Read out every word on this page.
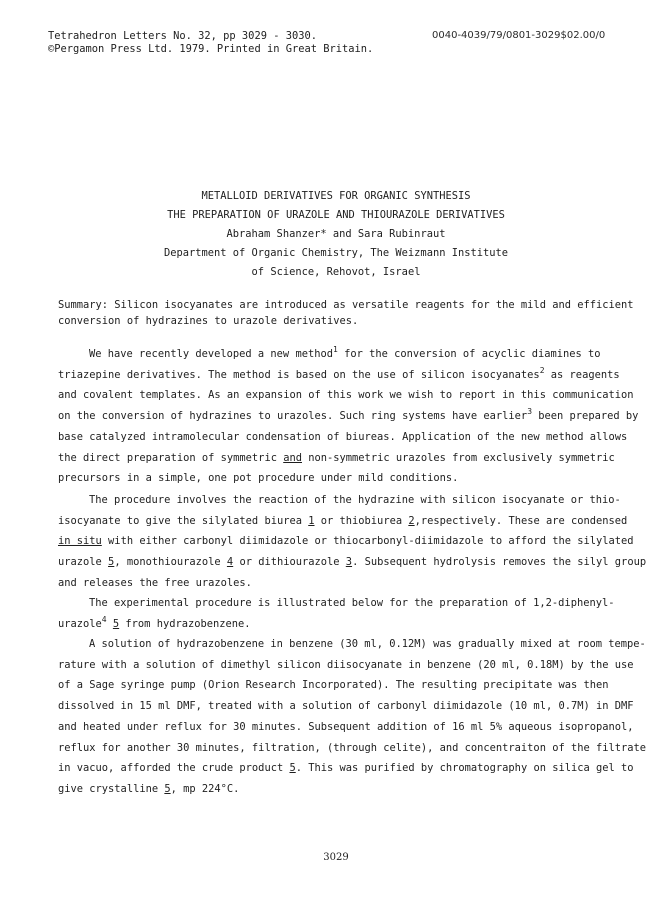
Tetrahedron Letters No. 32, pp 3029 - 3030.
©Pergamon Press Ltd. 1979. Printed in Great Britain.
0040-4039/79/0801-3029$02.00/0
METALLOID DERIVATIVES FOR ORGANIC SYNTHESIS
THE PREPARATION OF URAZOLE AND THIOURAZOLE DERIVATIVES
Abraham Shanzer* and Sara Rubinraut
Department of Organic Chemistry, The Weizmann Institute
of Science, Rehovot, Israel
Summary: Silicon isocyanates are introduced as versatile reagents for the mild and efficient
conversion of hydrazines to urazole derivatives.
We have recently developed a new method$^1$ for the conversion of acyclic diamines to
triazepine derivatives. The method is based on the use of silicon isocyanates$^2$ as reagents
and covalent templates. As an expansion of this work we wish to report in this communication
on the conversion of hydrazines to urazoles. Such ring systems have earlier$^3$ been prepared by
base catalyzed intramolecular condensation of biureas. Application of the new method allows
the direct preparation of symmetric and non-symmetric urazoles from exclusively symmetric
precursors in a simple, one pot procedure under mild conditions.
The procedure involves the reaction of the hydrazine with silicon isocyanate or thio-
isocyanate to give the silylated biurea 1 or thiobiurea 2,respectively. These are condensed
in situ with either carbonyl diimidazole or thiocarbonyl-diimidazole to afford the silylated
urazole 5, monothiourazole 4 or dithiourazole 3. Subsequent hydrolysis removes the silyl group
and releases the free urazoles.
The experimental procedure is illustrated below for the preparation of 1,2-diphenyl-
urazole$^4$ 5 from hydrazobenzene.
A solution of hydrazobenzene in benzene (30 ml, 0.12M) was gradually mixed at room tempe-
rature with a solution of dimethyl silicon diisocyanate in benzene (20 ml, 0.18M) by the use
of a Sage syringe pump (Orion Research Incorporated). The resulting precipitate was then
dissolved in 15 ml DMF, treated with a solution of carbonyl diimidazole (10 ml, 0.7M) in DMF
and heated under reflux for 30 minutes. Subsequent addition of 16 ml 5% aqueous isopropanol,
reflux for another 30 minutes, filtration, (through celite), and concentraiton of the filtrate
in vacuo, afforded the crude product 5. This was purified by chromatography on silica gel to
give crystalline 5, mp 224°C.
3029
